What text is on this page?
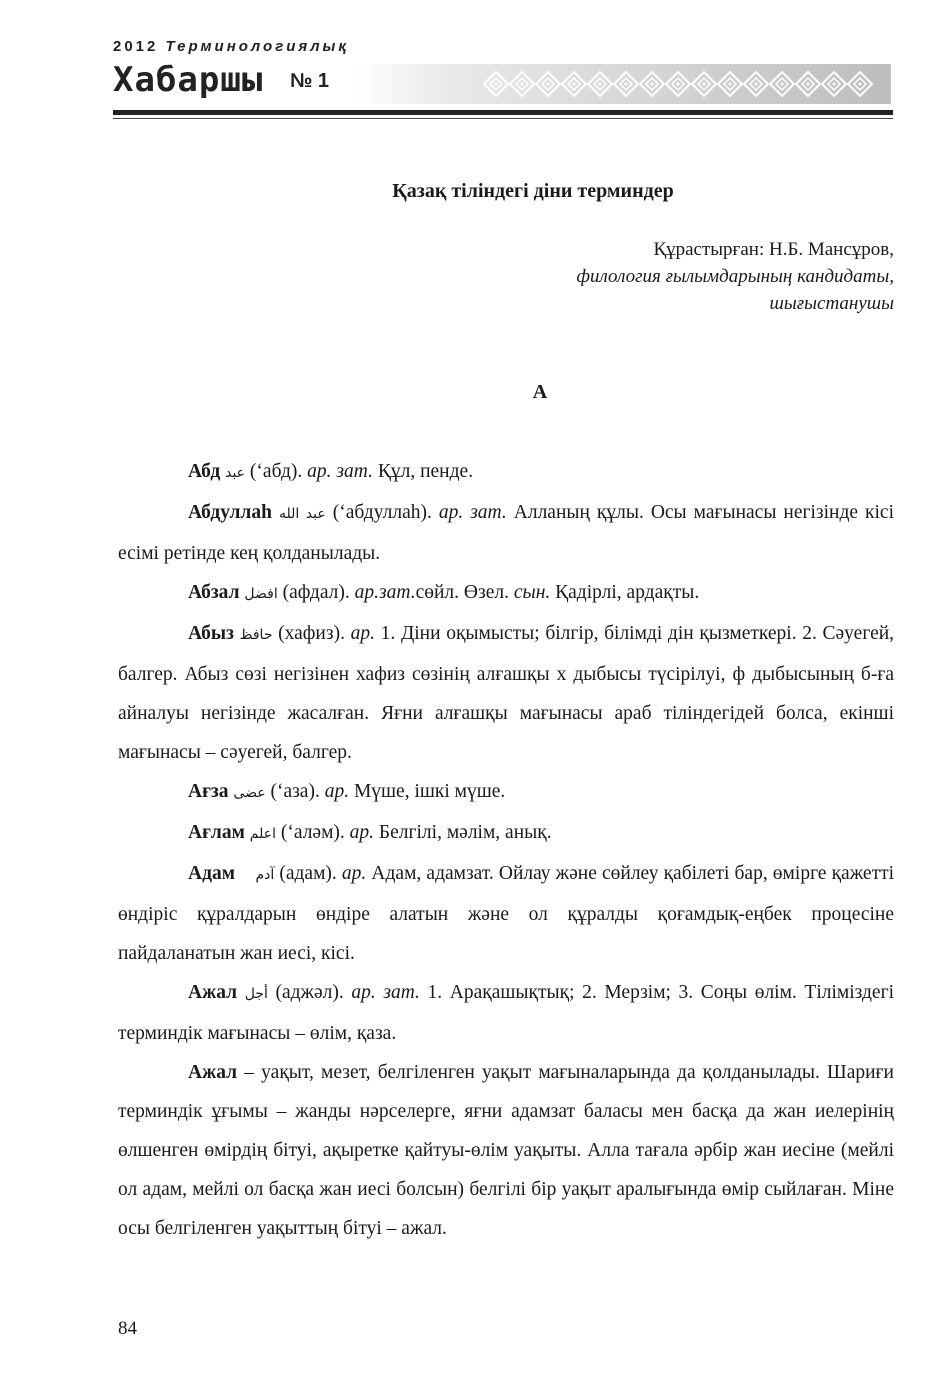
2012 Терминологиялық
Хабаршы № 1
Қазақ тіліндегі діни терминдер
Құрастырған: Н.Б. Мансұров,
филология ғылымдарының кандидаты,
шығыстанушы
А

Абд عبد (‘абд). ар. зат. Құл, пенде.

Абдуллаһ عبد الله (‘абдуллаһ). ар. зат. Алланың құлы. Осы мағынасы негізінде кісі есімі ретінде кең қолданылады.

Абзал افضل (афдал). ар.зат.сөйл. Өзел. сын. Қадірлі, ардақты.

Абыз حافظ (хафиз). ар. 1. Діни оқымысты; білгір, білімді дін қызметкері. 2. Сәуегей, балгер. Абыз сөзі негізінен хафиз сөзінің алғашқы х дыбысы түсірілуі, ф дыбысының б-ға айналуы негізінде жасалған. Яғни алғашқы мағынасы араб тіліндегідей болса, екінші мағынасы – сәуегей, балгер.

Ағза عضى (‘аза). ар. Мүше, ішкі мүше.

Ағлам اعلم (‘аләм). ар. Белгілі, мәлім, анық.

Адам آدم (адам). ар. Адам, адамзат. Ойлау және сөйлеу қабілеті бар, өмірге қажетті өндіріс құралдарын өндіре алатын және ол құралды қоғамдық-еңбек процесіне пайдаланатын жан иесі, кісі.

Ажал أجل (аджәл). ар. зат. 1. Арақашықтық; 2. Мерзім; 3. Соңы өлім. Тіліміздегі терминдік мағынасы – өлім, қаза.

Ажал – уақыт, мезет, белгіленген уақыт мағыналарында да қолданылады. Шариғи терминдік ұғымы – жанды нәрселерге, яғни адамзат баласы мен басқа да жан иелерінің өлшенген өмірдің бітуі, ақыретке қайтуы-өлім уақыты. Алла тағала әрбір жан иесіне (мейлі ол адам, мейлі ол басқа жан иесі болсын) белгілі бір уақыт аралығында өмір сыйлаған. Міне осы белгіленген уақыттың бітуі – ажал.

84
